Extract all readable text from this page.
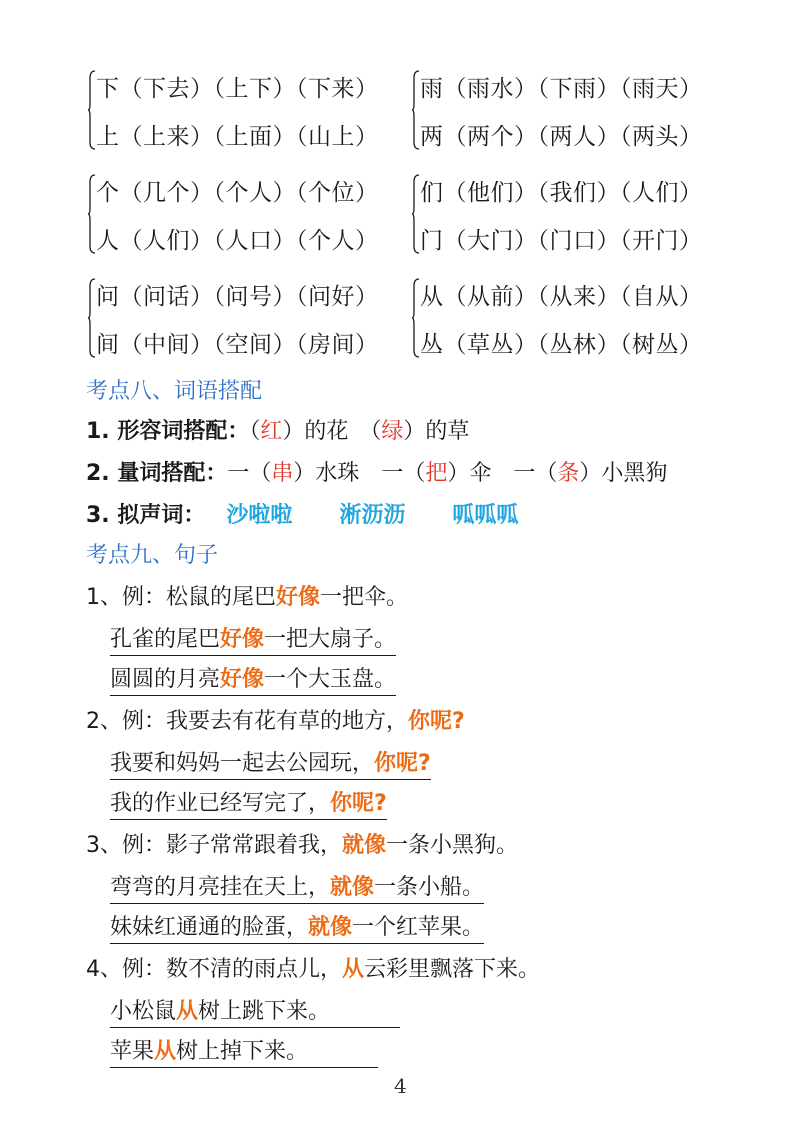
下（下去）（上下）（下来）
上（上来）（上面）（山上）
雨（雨水）（下雨）（雨天）
两（两个）（两人）（两头）
个（几个）（个人）（个位）
人（人们）（人口）（个人）
们（他们）（我们）（人们）
门（大门）（门口）（开门）
问（问话）（问号）（问好）
间（中间）（空间）（房间）
从（从前）（从来）（自从）
丛（草丛）（丛林）（树丛）
考点八、词语搭配
1. 形容词搭配：（红）的花　（绿）的草
2. 量词搭配：一（串）水珠　一（把）伞　一（条）小黑狗
3. 拟声词： 沙啦啦 淅沥沥 呱呱呱
考点九、句子
1、例：松鼠的尾巴好像一把伞。
孔雀的尾巴好像一把大扇子。
圆圆的月亮好像一个大玉盘。
2、例：我要去有花有草的地方，你呢?
我要和妈妈一起去公园玩，你呢?
我的作业已经写完了，你呢?
3、例：影子常常跟着我，就像一条小黑狗。
弯弯的月亮挂在天上，就像一条小船。
妹妹红通通的脸蛋，就像一个红苹果。
4、例：数不清的雨点儿，从云彩里飘落下来。
小松鼠从树上跳下来。
苹果从树上掉下来。
4
